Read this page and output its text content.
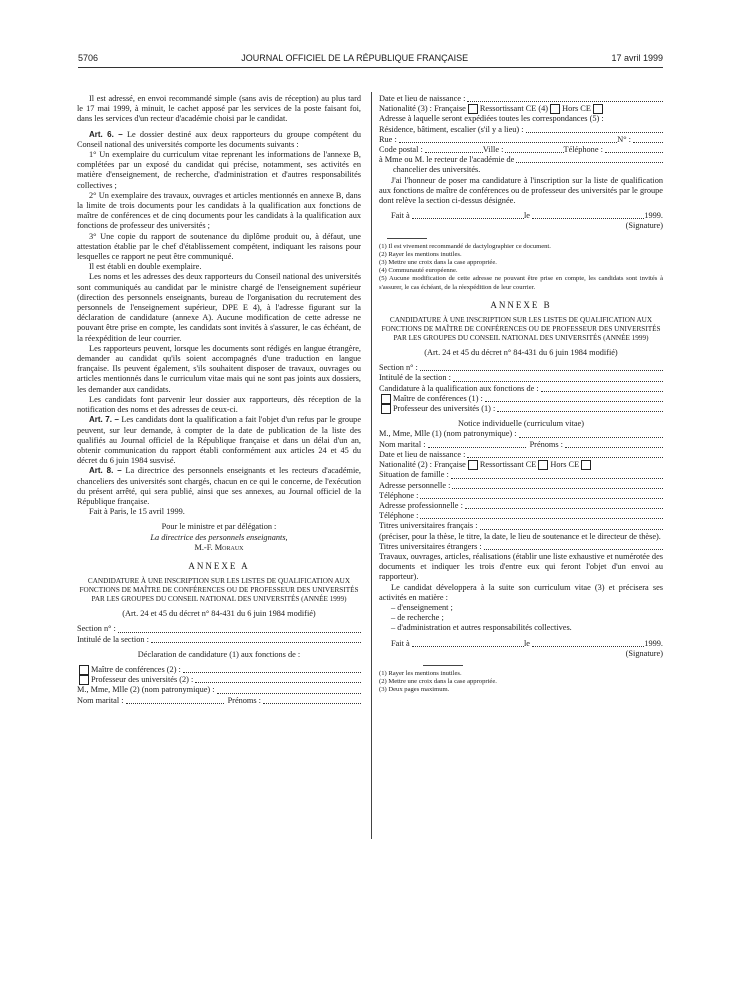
5706	JOURNAL OFFICIEL DE LA RÉPUBLIQUE FRANÇAISE	17 avril 1999

Il est adressé, en envoi recommandé simple (sans avis de réception) au plus tard le 17 mai 1999, à minuit, le cachet apposé par les services de la poste faisant foi, dans les services d'un recteur d'académie choisi par le candidat.

Art. 6. – Le dossier destiné aux deux rapporteurs du groupe compétent du Conseil national des universités comporte les documents suivants :

1° Un exemplaire du curriculum vitae reprenant les informations de l'annexe B, complétées par un exposé du candidat qui précise, notamment, ses activités en matière d'enseignement, de recherche, d'administration et d'autres responsabilités collectives ;

2° Un exemplaire des travaux, ouvrages et articles mentionnés en annexe B, dans la limite de trois documents pour les candidats à la qualification aux fonctions de maître de conférences et de cinq documents pour les candidats à la qualification aux fonctions de professeur des universités ;

3° Une copie du rapport de soutenance du diplôme produit ou, à défaut, une attestation établie par le chef d'établissement compétent, indiquant les raisons pour lesquelles ce rapport ne peut être communiqué.

Il est établi en double exemplaire.

Les noms et les adresses des deux rapporteurs du Conseil national des universités sont communiqués au candidat par le ministre chargé de l'enseignement supérieur (direction des personnels enseignants, bureau de l'organisation du recrutement des personnels de l'enseignement supérieur, DPE E 4), à l'adresse figurant sur la déclaration de candidature (annexe A). Aucune modification de cette adresse ne pouvant être prise en compte, les candidats sont invités à s'assurer, le cas échéant, de la réexpédition de leur courrier.

Les rapporteurs peuvent, lorsque les documents sont rédigés en langue étrangère, demander au candidat qu'ils soient accompagnés d'une traduction en langue française. Ils peuvent également, s'ils souhaitent disposer de travaux, ouvrages ou articles mentionnés dans le curriculum vitae mais qui ne sont pas joints aux dossiers, les demander aux candidats.

Les candidats font parvenir leur dossier aux rapporteurs, dès réception de la notification des noms et des adresses de ceux-ci.

Art. 7. – Les candidats dont la qualification a fait l'objet d'un refus par le groupe peuvent, sur leur demande, à compter de la date de publication de la liste des qualifiés au Journal officiel de la République française et dans un délai d'un an, obtenir communication du rapport établi conformément aux articles 24 et 45 du décret du 6 juin 1984 susvisé.

Art. 8. – La directrice des personnels enseignants et les recteurs d'académie, chanceliers des universités sont chargés, chacun en ce qui le concerne, de l'exécution du présent arrêté, qui sera publié, ainsi que ses annexes, au Journal officiel de la République française.

Fait à Paris, le 15 avril 1999.

Pour le ministre et par délégation :

La directrice des personnels enseignants,

M.-F. Moraux

ANNEXE A
CANDIDATURE À UNE INSCRIPTION SUR LES LISTES DE QUALIFICATION AUX FONCTIONS DE MAÎTRE DE CONFÉRENCES OU DE PROFESSEUR DES UNIVERSITÉS PAR LES GROUPES DU CONSEIL NATIONAL DES UNIVERSITÉS (ANNÉE 1999)

(Art. 24 et 45 du décret n° 84-431 du 6 juin 1984 modifié)

Section n° :
Intitulé de la section :

Déclaration de candidature (1) aux fonctions de :

Maître de conférences (2) :
Professeur des universités (2) :
M., Mme, Mlle (2) (nom patronymique) :
Nom marital :	Prénoms :
Date et lieu de naissance :
Nationalité (3) : Française Ressortissant CE (4) Hors CE

Adresse à laquelle seront expédiées toutes les correspondances (5) :

Résidence, bâtiment, escalier (s'il y a lieu) :
Rue :	N° :
Code postal :	Ville :	Téléphone :
à Mme ou M. le recteur de l'académie de

chancelier des universités.

J'ai l'honneur de poser ma candidature à l'inscription sur la liste de qualification aux fonctions de maître de conférences ou de professeur des universités par le groupe dont relève la section ci-dessus désignée.

Fait à	le	1999.

(Signature)

(1) Il est vivement recommandé de dactylographier ce document.

(2) Rayer les mentions inutiles.

(3) Mettre une croix dans la case appropriée.

(4) Communauté européenne.

(5) Aucune modification de cette adresse ne pouvant être prise en compte, les candidats sont invités à s'assurer, le cas échéant, de la réexpédition de leur courrier.

ANNEXE B
CANDIDATURE À UNE INSCRIPTION SUR LES LISTES DE QUALIFICATION AUX FONCTIONS DE MAÎTRE DE CONFÉRENCES OU DE PROFESSEUR DES UNIVERSITÉS PAR LES GROUPES DU CONSEIL NATIONAL DES UNIVERSITÉS (ANNÉE 1999)

(Art. 24 et 45 du décret n° 84-431 du 6 juin 1984 modifié)

Section n° :
Intitulé de la section :
Candidature à la qualification aux fonctions de :
Maître de conférences (1) :
Professeur des universités (1) :

Notice individuelle (curriculum vitae)

M., Mme, Mlle (1) (nom patronymique) :
Nom marital :	Prénoms :
Date et lieu de naissance :
Nationalité (2) : Française Ressortissant CE Hors CE
Situation de famille :
Adresse personnelle :
Téléphone :
Adresse professionnelle :
Téléphone :
Titres universitaires français :

(préciser, pour la thèse, le titre, la date, le lieu de soutenance et le directeur de thèse).

Titres universitaires étrangers :

Travaux, ouvrages, articles, réalisations (établir une liste exhaustive et numérotée des documents et indiquer les trois d'entre eux qui feront l'objet d'un envoi au rapporteur).

Le candidat développera à la suite son curriculum vitae (3) et précisera ses activités en matière :

– d'enseignement ;

– de recherche ;

– d'administration et autres responsabilités collectives.

Fait à	le	1999.

(Signature)

(1) Rayer les mentions inutiles.

(2) Mettre une croix dans la case appropriée.

(3) Deux pages maximum.
